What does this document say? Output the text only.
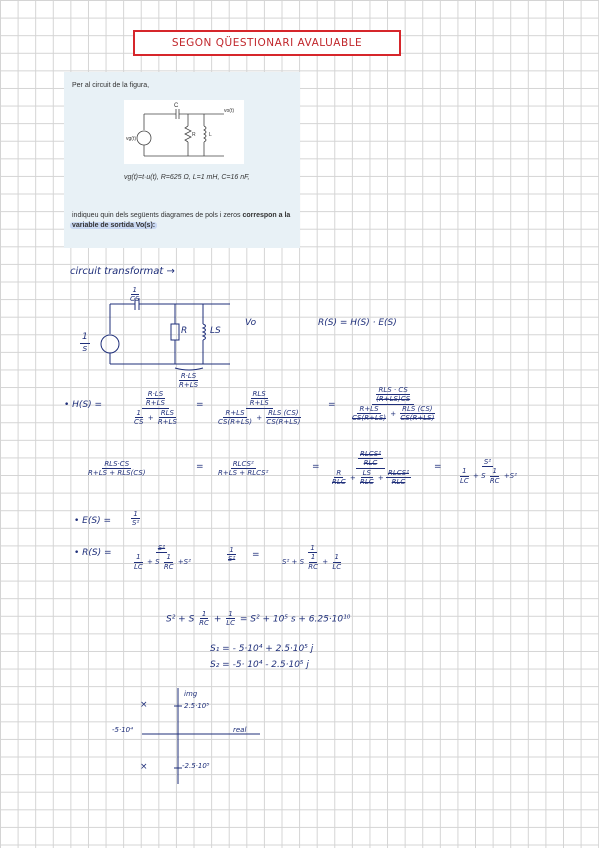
SEGON QÜESTIONARI AVALUABLE
Per al circuit de la figura,
C
vg(t)
R	L
vo(t)
vg(t)=t·u(t), R=625 Ω, L=1 mH, C=16 nF,
indiqueu quin dels següents diagrames de pols i zeros correspon a la
variable de sortida Vo(s):
circuit transformat →
$\frac{1}{CS}$
$\frac{1}{s}$
R	LS
Vo	R(S) = H(S) · E(S)
$\frac{R\cdot LS}{R+LS}$
• H(S) =	$\frac{\frac{R\cdot LS}{R+LS}}{\frac{1}{CS} + \frac{\text{RLS}}{R+LS}} = \frac{\frac{\text{RLS}}{R+LS}}{\frac{R+LS}{CS(R+LS)} + \frac{\text{RLS (CS)}}{CS(R+LS)}}$	= $\frac{\frac{\text{RLS · CS}}{(R+LS)CS}}{\frac{R+LS}{CS(R+LS)} + \frac{\text{RLS (CS)}}{CS(R+LS)}}$
$\frac{\text{RLS·CS}}{\text{R+LS + RLS(CS)}}$	= $\frac{\text{RLCS²}}{\text{R+LS + RLCS²}}$	= $\frac{\frac{\text{RLCS²}}{\text{RLC}}}{\frac{R}{\text{RLC}} + \frac{LS}{\text{RLC}} + \frac{\text{RLCS²}}{\text{RLC}}} = \frac{\text{S²}}{\frac{1}{LC} + S \frac{1}{RC} +S^2}$
• E(S) =	$\frac{1}{\text{S²}}$
• R(S) =	$\frac{\text{S²}}{\frac{1}{LC} + S \frac{1}{RC} +S^2}$	$\frac{1}{\text{S²}}$ =	$\frac{1}{S^2 + S \frac{1}{RC} + \frac{1}{LC}}$
S² + S $\frac{1}{RC} + \frac{1}{LC} = S^2 + 10^5$ s + 6.25·10¹⁰
S₁ = - 5·10⁴ + 2.5·10⁵ j
S₂ = -5· 10⁴ - 2.5·10⁵ j
img
2.5·10⁵
-2.5·10⁵
-5·10⁴	real
×
×
